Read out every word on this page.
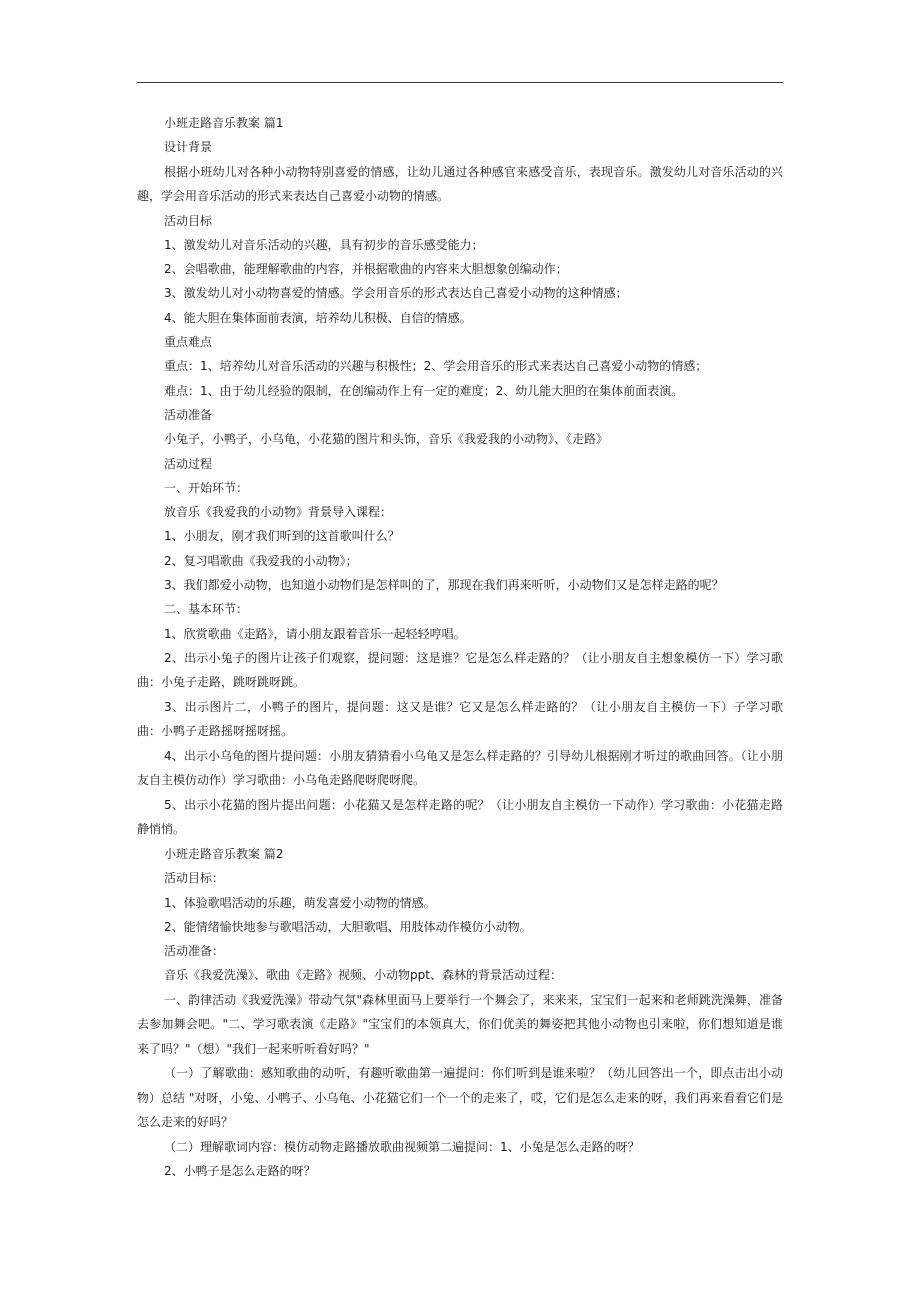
小班走路音乐教案 篇1

设计背景

根据小班幼儿对各种小动物特别喜爱的情感，让幼儿通过各种感官来感受音乐，表现音乐。激发幼儿对音乐活动的兴趣，学会用音乐活动的形式来表达自己喜爱小动物的情感。

活动目标

1、激发幼儿对音乐活动的兴趣，具有初步的音乐感受能力；

2、会唱歌曲，能理解歌曲的内容，并根据歌曲的内容来大胆想象创编动作；

3、激发幼儿对小动物喜爱的情感。学会用音乐的形式表达自己喜爱小动物的这种情感；

4、能大胆在集体面前表演，培养幼儿积极、自信的情感。

重点难点

重点：1、培养幼儿对音乐活动的兴趣与积极性；2、学会用音乐的形式来表达自己喜爱小动物的情感；

难点：1、由于幼儿经验的限制，在创编动作上有一定的难度；2、幼儿能大胆的在集体前面表演。

活动准备

小兔子，小鸭子，小乌龟，小花猫的图片和头饰，音乐《我爱我的小动物》、《走路》

活动过程

一、开始环节：

放音乐《我爱我的小动物》背景导入课程：

1、小朋友，刚才我们听到的这首歌叫什么？

2、复习唱歌曲《我爱我的小动物》；

3、我们都爱小动物，也知道小动物们是怎样叫的了，那现在我们再来听听，小动物们又是怎样走路的呢？

二、基本环节：

1、欣赏歌曲《走路》，请小朋友跟着音乐一起轻轻哼唱。

2、出示小兔子的图片让孩子们观察，提问题：这是谁？它是怎么样走路的？（让小朋友自主想象模仿一下）学习歌曲：小兔子走路，跳呀跳呀跳。

3、出示图片二，小鸭子的图片，提问题：这又是谁？它又是怎么样走路的？（让小朋友自主模仿一下）子学习歌曲：小鸭子走路摇呀摇呀摇。

4、出示小乌龟的图片提问题：小朋友猜猜看小乌龟又是怎么样走路的？引导幼儿根据刚才听过的歌曲回答。（让小朋友自主模仿动作）学习歌曲：小乌龟走路爬呀爬呀爬。

5、出示小花猫的图片提出问题：小花猫又是怎样走路的呢？（让小朋友自主模仿一下动作）学习歌曲：小花猫走路静悄悄。

小班走路音乐教案 篇2

活动目标：

1、体验歌唱活动的乐趣，萌发喜爱小动物的情感。

2、能情绪愉快地参与歌唱活动，大胆歌唱、用肢体动作模仿小动物。

活动准备：

音乐《我爱洗澡》、歌曲《走路》视频、小动物ppt、森林的背景活动过程：

一、韵律活动《我爱洗澡》带动气氛"森林里面马上要举行一个舞会了，来来来，宝宝们一起来和老师跳洗澡舞，准备去参加舞会吧。"二、学习歌表演《走路》"宝宝们的本领真大，你们优美的舞姿把其他小动物也引来啦，你们想知道是谁来了吗？"（想）"我们一起来听听看好吗？"

（一）了解歌曲：感知歌曲的动听，有趣听歌曲第一遍提问：你们听到是谁来啦？（幼儿回答出一个，即点击出小动物）总结 "对呀，小兔、小鸭子、小乌龟、小花猫它们一个一个的走来了，哎，它们是怎么走来的呀，我们再来看看它们是怎么走来的好吗？

（二）理解歌词内容：模仿动物走路播放歌曲视频第二遍提问：1、小兔是怎么走路的呀？

2、小鸭子是怎么走路的呀？
